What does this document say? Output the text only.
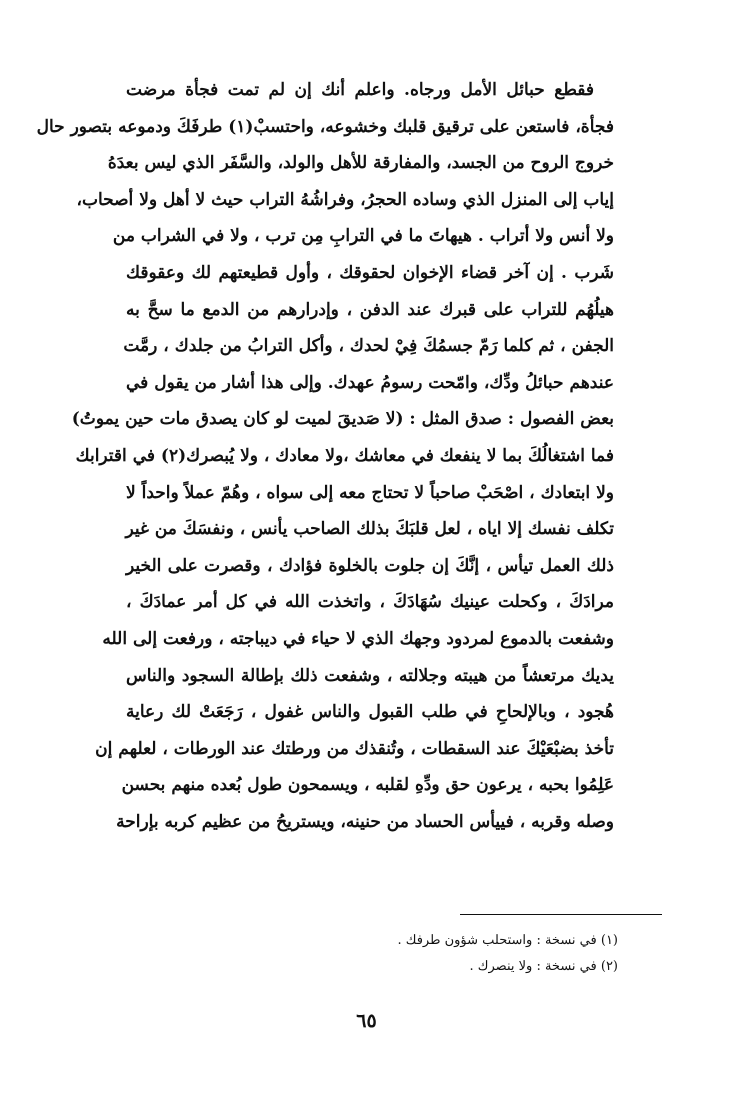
فقطع حبائل الأمل ورجاه. واعلم أنك إن لم تمت فجأة مرضت
فجأة، فاستعن على ترقيق قلبك وخشوعه، واحتسبْ(١) طرفَكَ ودموعه بتصور حال
خروج الروح من الجسد، والمفارقة للأهل والولد، والسَّفَر الذي ليس بعدَهُ
إياب إلى المنزل الذي وساده الحجرُ، وفراشُهُ التراب حيث لا أهل ولا أصحاب،
ولا أنس ولا أتراب . هيهاتَ ما في الترابِ مِن ترب ، ولا في الشراب من
شَرب . إن آخر قضاء الإخوان لحقوقك ، وأول قطيعتهم لك وعقوقك
هيلُهُم للتراب على قبرك عند الدفن ، وإدرارهم من الدمع ما سحَّ به
الجفن ، ثم كلما رَمّ جسمُكَ فِيْ لحدك ، وأكل الترابُ من جلدك ، رمَّت
عندهم حبائلُ ودِّك، وامّحت رسومُ عهدك. وإلى هذا أشار من يقول في
بعض الفصول : صدق المثل : (لا صَديقَ لميت لو كان يصدق مات حين يموتُ)
فما اشتغالُكَ بما لا ينفعك في معاشك ،ولا معادك ، ولا يُبصرك(٢) في اقترابك
ولا ابتعادك ، اصْحَبْ صاحباً لا تحتاج معه إلى سواه ، وهُمّ عملاً واحداً لا
تكلف نفسك إلا اياه ، لعل قلبَكَ بذلك الصاحب يأنس ، ونفسَكَ من غير
ذلك العمل تيأس ، إنَّكَ إن جلوت بالخلوة فؤادك ، وقصرت على الخير
مرادَكَ ، وكحلت عينيك سُهَادَكَ ، واتخذت الله في كل أمر عمادَكَ ،
وشفعت بالدموع لمردود وجهك الذي لا حياء في ديباجته ، ورفعت إلى الله
يديك مرتعشاً من هيبته وجلالته ، وشفعت ذلك بإطالة السجود والناس
هُجود ، وبالإلحاحِ في طلب القبول والناس غفول ، رَجَعَتْ لك رعاية
تأخذ بضبْعَيْكَ عند السقطات ، وتُنقذك من ورطتك عند الورطات ، لعلهم إن
عَلِمُوا بحبه ، يرعون حق ودِّهِ لقلبه ، ويسمحون طول بُعده منهم بحسن
وصله وقربه ، فييأس الحساد من حنينه، ويستريحُ من عظيم كربه بإراحة
(١) في نسخة : واستحلب شؤون طرفك .
(٢) في نسخة : ولا ينصرك .
٦٥
